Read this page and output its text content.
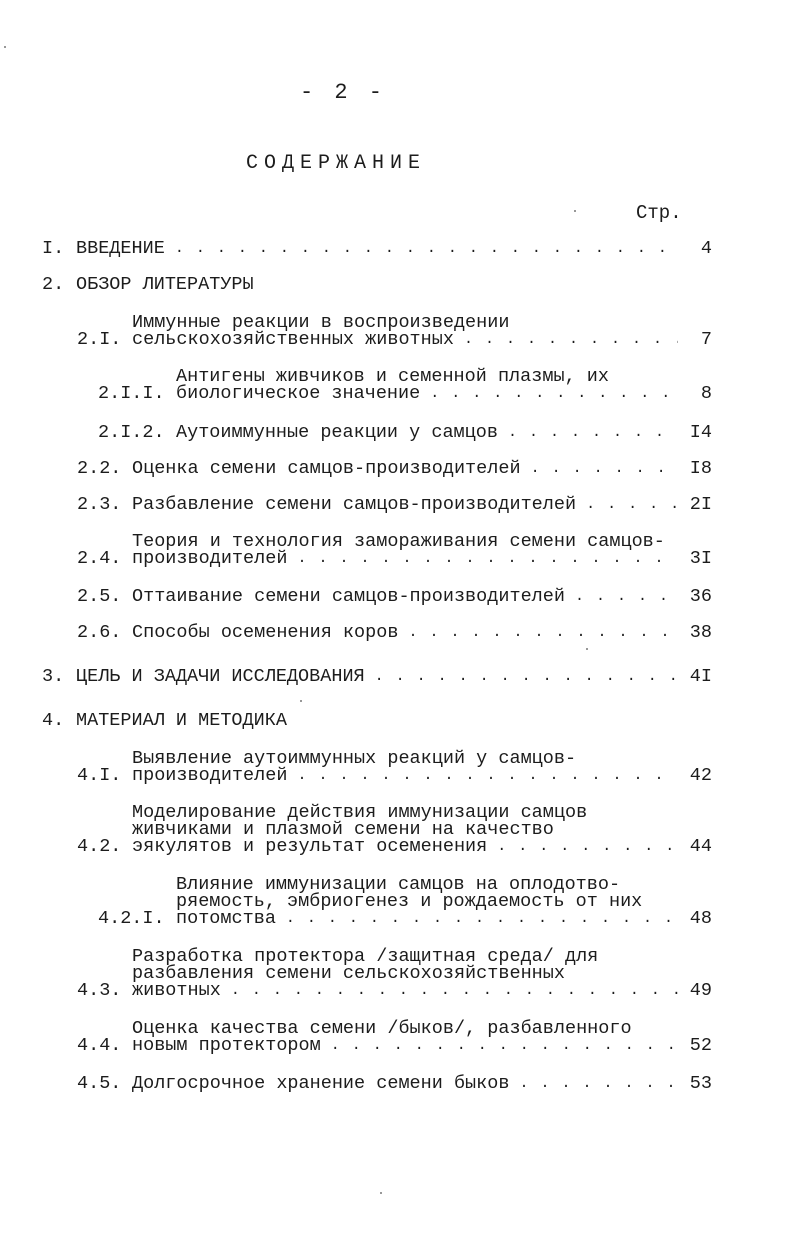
- 2 -
СОДЕРЖАНИЕ
Стр.
I. ВВЕДЕНИЕ . . .	4
2. ОБЗОР ЛИТЕРАТУРЫ
2.I.
Иммунные реакции в воспроизведении
сельскохозяйственных животных . . .	7
2.I.I.
Антигены живчиков и семенной плазмы, их
биологическое значение . . .	8
2.I.2. Аутоиммунные реакции у самцов . . .	I4
2.2. Оценка семени самцов-производителей . . .	I8
2.3. Разбавление семени самцов-производителей . . .	2I
2.4.
Теория и технология замораживания семени самцов-
производителей . . .	3I
2.5. Оттаивание семени самцов-производителей . . .	36
2.6. Способы осеменения коров . . .	38
3. ЦЕЛЬ И ЗАДАЧИ ИССЛЕДОВАНИЯ . . .	4I
4. МАТЕРИАЛ И МЕТОДИКА
4.I.
Выявление аутоиммунных реакций у самцов-
производителей . . .	42
4.2.
Моделирование действия иммунизации самцов
живчиками и плазмой семени на качество
эякулятов и результат осеменения . . .	44
4.2.I.
Влияние иммунизации самцов на оплодотво-
ряемость, эмбриогенез и рождаемость от них
потомства . . .	48
4.3.
Разработка протектора /защитная среда/ для
разбавления семени сельскохозяйственных
животных . . .	49
4.4.
Оценка качества семени /быков/, разбавленного
новым протектором . . .	52
4.5. Долгосрочное хранение семени быков . . .	53
